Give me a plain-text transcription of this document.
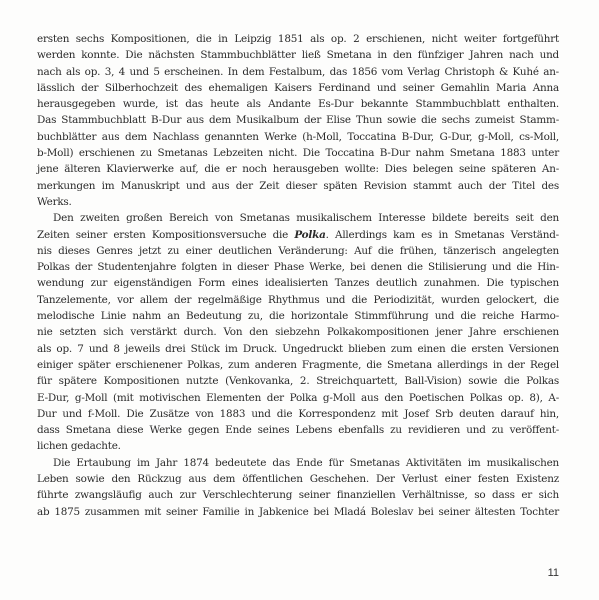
ersten sechs Kompositionen, die in Leipzig 1851 als op. 2 erschienen, nicht weiter fortgeführt
werden konnte. Die nächsten Stammbuchblätter ließ Smetana in den fünfziger Jahren nach und
nach als op. 3, 4 und 5 erscheinen. In dem Festalbum, das 1856 vom Verlag Christoph & Kuhé an-
lässlich der Silberhochzeit des ehemaligen Kaisers Ferdinand und seiner Gemahlin Maria Anna
herausgegeben wurde, ist das heute als Andante Es-Dur bekannte Stammbuchblatt enthalten.
Das Stammbuchblatt B-Dur aus dem Musikalbum der Elise Thun sowie die sechs zumeist Stamm-
buchblätter aus dem Nachlass genannten Werke (h-Moll, Toccatina B-Dur, G-Dur, g-Moll, cs-Moll,
b-Moll) erschienen zu Smetanas Lebzeiten nicht. Die Toccatina B-Dur nahm Smetana 1883 unter
jene älteren Klavierwerke auf, die er noch herausgeben wollte: Dies belegen seine späteren An-
merkungen im Manuskript und aus der Zeit dieser späten Revision stammt auch der Titel des
Werks.
Den zweiten großen Bereich von Smetanas musikalischem Interesse bildete bereits seit den
Zeiten seiner ersten Kompositionsversuche die Polka. Allerdings kam es in Smetanas Verständ-
nis dieses Genres jetzt zu einer deutlichen Veränderung: Auf die frühen, tänzerisch angelegten
Polkas der Studentenjahre folgten in dieser Phase Werke, bei denen die Stilisierung und die Hin-
wendung zur eigenständigen Form eines idealisierten Tanzes deutlich zunahmen. Die typischen
Tanzelemente, vor allem der regelmäßige Rhythmus und die Periodizität, wurden gelockert, die
melodische Linie nahm an Bedeutung zu, die horizontale Stimmführung und die reiche Harmo-
nie setzten sich verstärkt durch. Von den siebzehn Polkakompositionen jener Jahre erschienen
als op. 7 und 8 jeweils drei Stück im Druck. Ungedruckt blieben zum einen die ersten Versionen
einiger später erschienener Polkas, zum anderen Fragmente, die Smetana allerdings in der Regel
für spätere Kompositionen nutzte (Venkovanka, 2. Streichquartett, Ball-Vision) sowie die Polkas
E-Dur, g-Moll (mit motivischen Elementen der Polka g-Moll aus den Poetischen Polkas op. 8), A-
Dur und f-Moll. Die Zusätze von 1883 und die Korrespondenz mit Josef Srb deuten darauf hin,
dass Smetana diese Werke gegen Ende seines Lebens ebenfalls zu revidieren und zu veröffent-
lichen gedachte.
Die Ertaubung im Jahr 1874 bedeutete das Ende für Smetanas Aktivitäten im musikalischen
Leben sowie den Rückzug aus dem öffentlichen Geschehen. Der Verlust einer festen Existenz
führte zwangsläufig auch zur Verschlechterung seiner finanziellen Verhältnisse, so dass er sich
ab 1875 zusammen mit seiner Familie in Jabkenice bei Mladá Boleslav bei seiner ältesten Tochter
11
